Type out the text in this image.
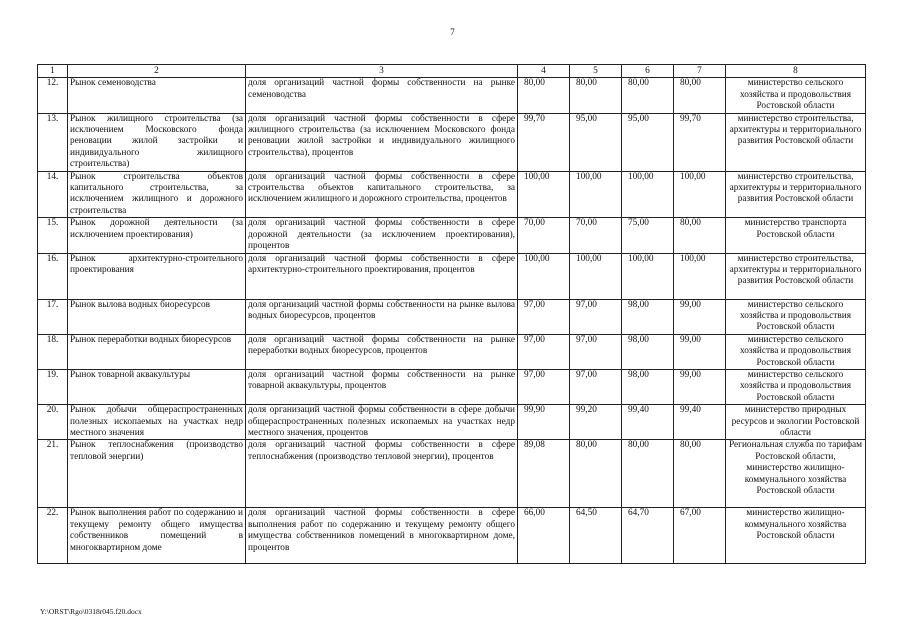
7
1	2	3	4	5	6	7	8
12.	Рынок семеноводства	доля организаций частной формы собственности на рынке семеноводства	80,00	80,00	80,00	80,00	министерство сельского хозяйства и продовольствия Ростовской области
13.	Рынок жилищного строительства (за исключением Московского фонда реновации жилой застройки и индивидуального жилищного строительства)	доля организаций частной формы собственности в сфере жилищного строительства (за исключением Московского фонда реновации жилой застройки и индивидуального жилищного строительства), процентов	99,70	95,00	95,00	99,70	министерство строительства, архитектуры и территориального развития Ростовской области
14.	Рынок строительства объектов капитального строительства, за исключением жилищного и дорожного строительства	доля организаций частной формы собственности в сфере строительства объектов капитального строительства, за исключением жилищного и дорожного строительства, процентов	100,00	100,00	100,00	100,00	министерство строительства, архитектуры и территориального развития Ростовской области
15.	Рынок дорожной деятельности (за исключением проектирования)	доля организаций частной формы собственности в сфере дорожной деятельности (за исключением проектирования), процентов	70,00	70,00	75,00	80,00	министерство транспорта Ростовской области
16.	Рынок архитектурно-строительного проектирования	доля организаций частной формы собственности в сфере архитектурно-строительного проектирования, процентов	100,00	100,00	100,00	100,00	министерство строительства, архитектуры и территориального развития Ростовской области
17.	Рынок вылова водных биоресурсов	доля организаций частной формы собственности на рынке вылова водных биоресурсов, процентов	97,00	97,00	98,00	99,00	министерство сельского хозяйства и продовольствия Ростовской области
18.	Рынок переработки водных биоресурсов	доля организаций частной формы собственности на рынке переработки водных биоресурсов, процентов	97,00	97,00	98,00	99,00	министерство сельского хозяйства и продовольствия Ростовской области
19.	Рынок товарной аквакультуры	доля организаций частной формы собственности на рынке товарной аквакультуры, процентов	97,00	97,00	98,00	99,00	министерство сельского хозяйства и продовольствия Ростовской области
20.	Рынок добычи общераспространенных полезных ископаемых на участках недр местного значения	доля организаций частной формы собственности в сфере добычи общераспространенных полезных ископаемых на участках недр местного значения, процентов	99,90	99,20	99,40	99,40	министерство природных ресурсов и экологии Ростовской области
21.	Рынок теплоснабжения (производство тепловой энергии)	доля организаций частной формы собственности в сфере теплоснабжения (производство тепловой энергии), процентов	89,08	80,00	80,00	80,00	Региональная служба по тарифам Ростовской области, министерство жилищно-коммунального хозяйства Ростовской области
22.	Рынок выполнения работ по содержанию и текущему ремонту общего имущества собственников помещений в многоквартирном доме	доля организаций частной формы собственности в сфере выполнения работ по содержанию и текущему ремонту общего имущества собственников помещений в многоквартирном доме, процентов	66,00	64,50	64,70	67,00	министерство жилищно-коммунального хозяйства Ростовской области
Y:\ORST\Rgo\0318r045.f20.docx
